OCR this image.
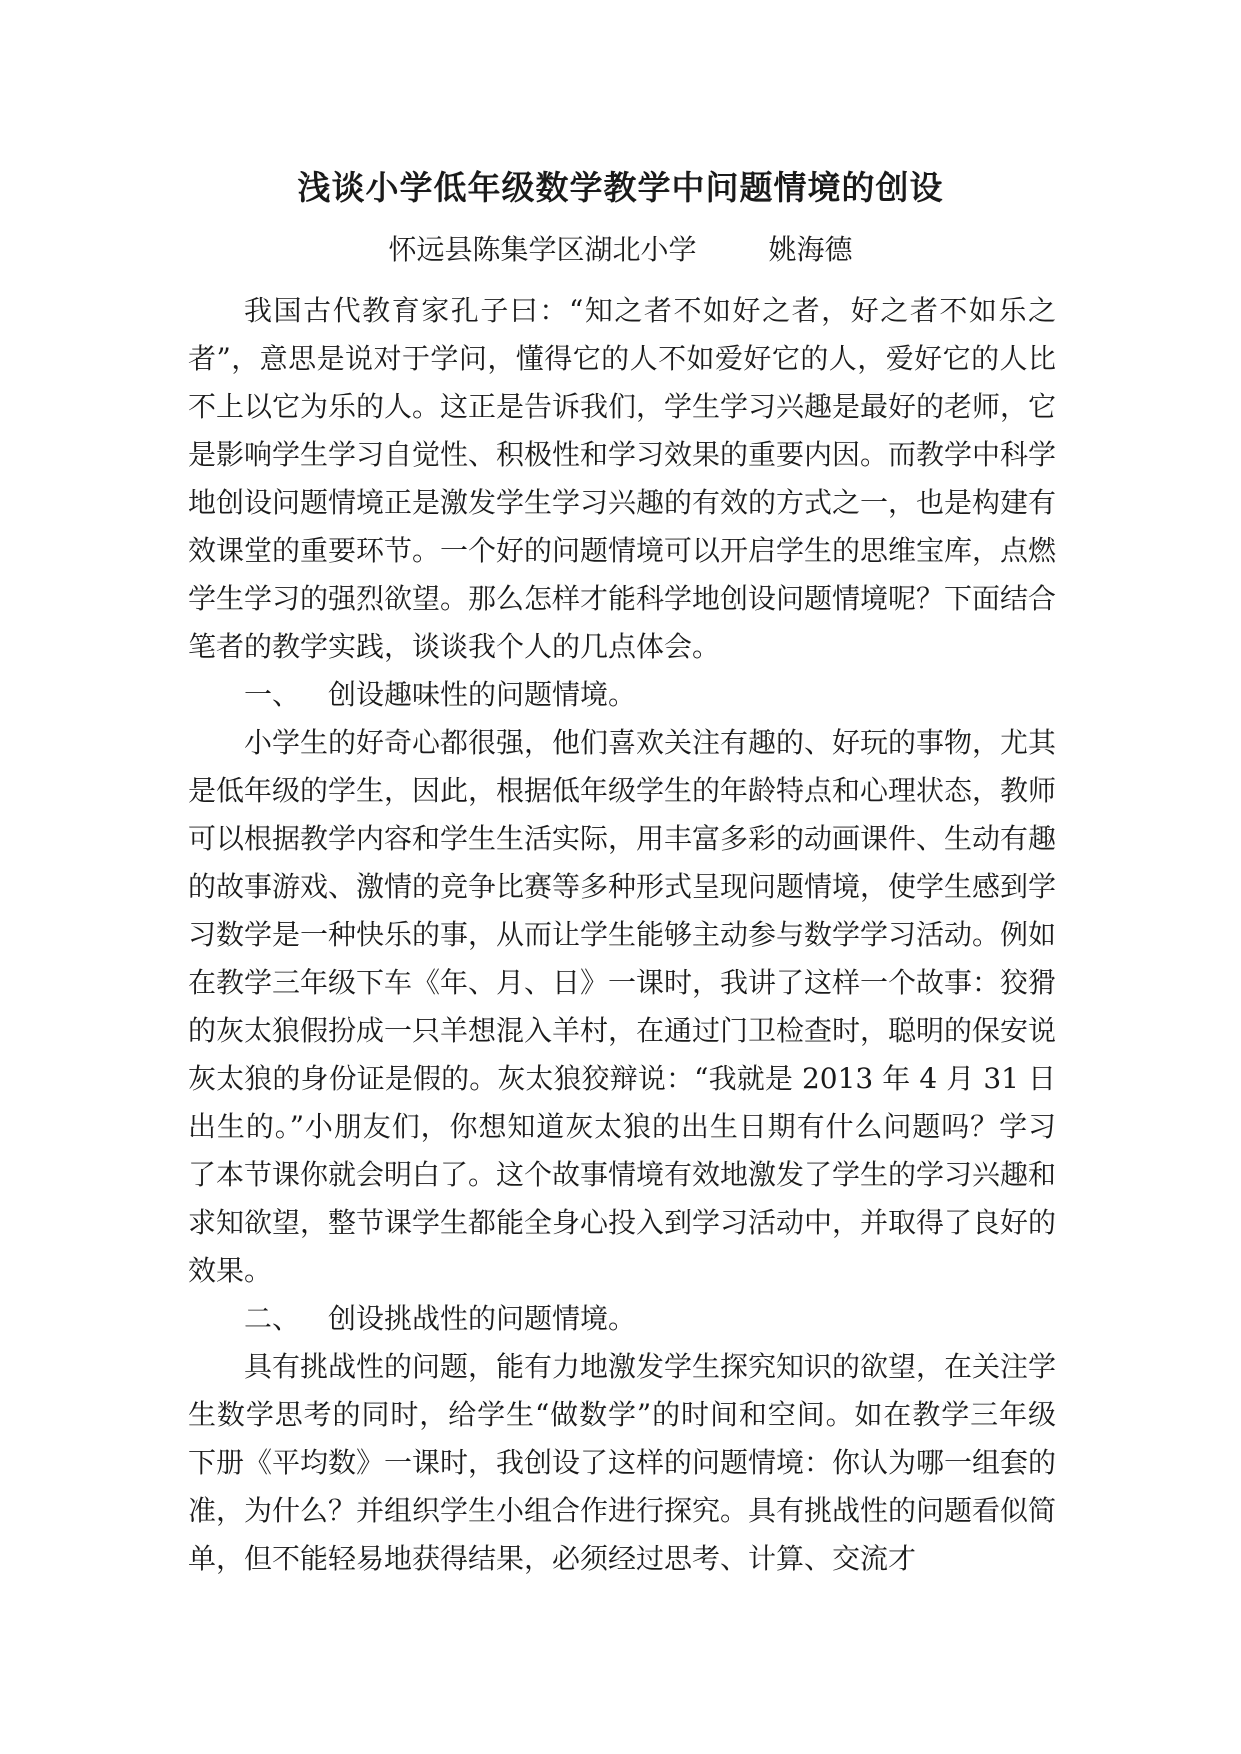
浅谈小学低年级数学教学中问题情境的创设

怀远县陈集学区湖北小学	姚海德

我国古代教育家孔子曰：“知之者不如好之者，好之者不如乐之者”，意思是说对于学问，懂得它的人不如爱好它的人，爱好它的人比不上以它为乐的人。这正是告诉我们，学生学习兴趣是最好的老师，它是影响学生学习自觉性、积极性和学习效果的重要内因。而教学中科学地创设问题情境正是激发学生学习兴趣的有效的方式之一，也是构建有效课堂的重要环节。一个好的问题情境可以开启学生的思维宝库，点燃学生学习的强烈欲望。那么怎样才能科学地创设问题情境呢？下面结合笔者的教学实践，谈谈我个人的几点体会。

一、 创设趣味性的问题情境。

小学生的好奇心都很强，他们喜欢关注有趣的、好玩的事物，尤其是低年级的学生，因此，根据低年级学生的年龄特点和心理状态，教师可以根据教学内容和学生生活实际，用丰富多彩的动画课件、生动有趣的故事游戏、激情的竞争比赛等多种形式呈现问题情境，使学生感到学习数学是一种快乐的事，从而让学生能够主动参与数学学习活动。例如在教学三年级下车《年、月、日》一课时，我讲了这样一个故事：狡猾的灰太狼假扮成一只羊想混入羊村，在通过门卫检查时，聪明的保安说灰太狼的身份证是假的。灰太狼狡辩说：“我就是 2013 年 4 月 31 日出生的。”小朋友们，你想知道灰太狼的出生日期有什么问题吗？学习了本节课你就会明白了。这个故事情境有效地激发了学生的学习兴趣和求知欲望，整节课学生都能全身心投入到学习活动中，并取得了良好的效果。

二、 创设挑战性的问题情境。

具有挑战性的问题，能有力地激发学生探究知识的欲望，在关注学生数学思考的同时，给学生“做数学”的时间和空间。如在教学三年级下册《平均数》一课时，我创设了这样的问题情境：你认为哪一组套的准，为什么？并组织学生小组合作进行探究。具有挑战性的问题看似简单，但不能轻易地获得结果，必须经过思考、计算、交流才
